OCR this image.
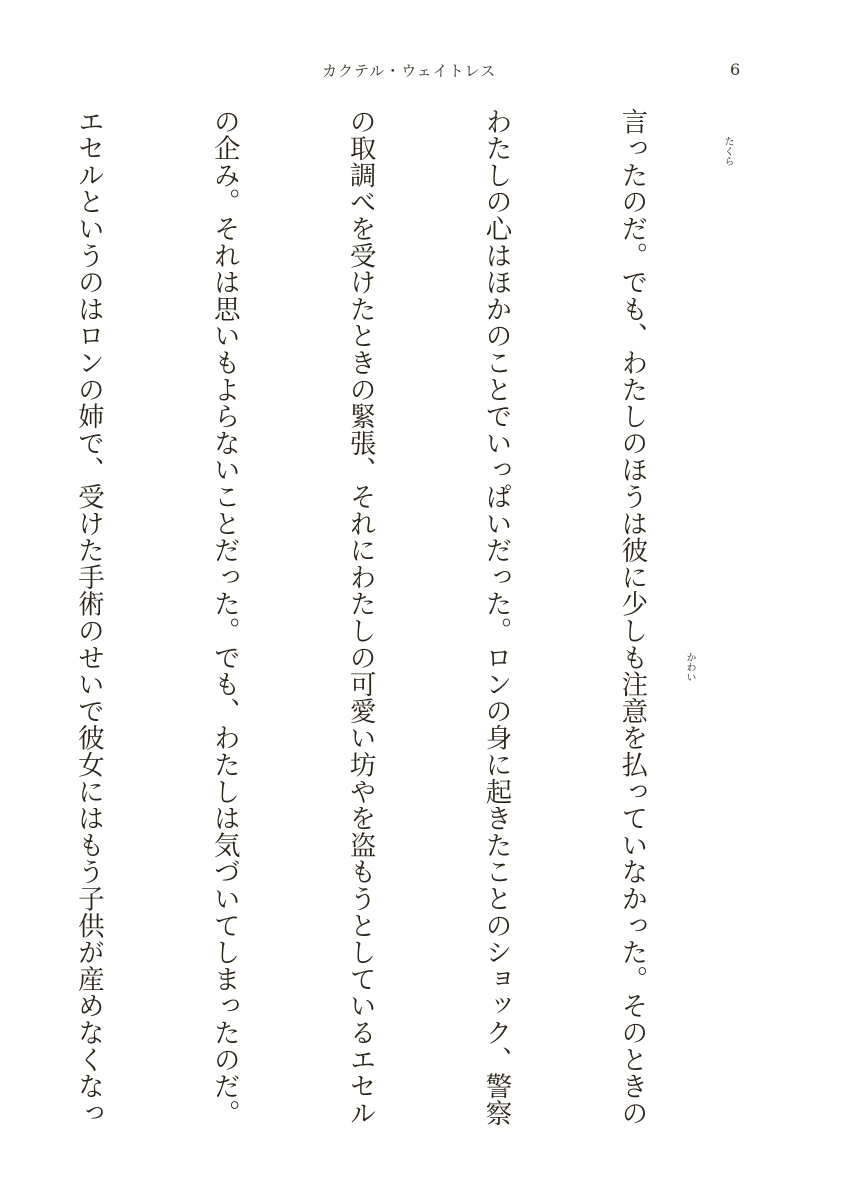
カクテル・ウェイトレス	6
たくら
かわい

言ったのだ。でも、わたしのほうは彼に少しも注意を払っていなかった。そのときの

わたしの心はほかのことでいっぱいだった。ロンの身に起きたことのショック、警察

の取調べを受けたときの緊張、それにわたしの可愛い坊やを盗もうとしているエセル

の企み。それは思いもよらないことだった。でも、わたしは気づいてしまったのだ。

エセルというのはロンの姉で、受けた手術のせいで彼女にはもう子供が産めなくなっ
